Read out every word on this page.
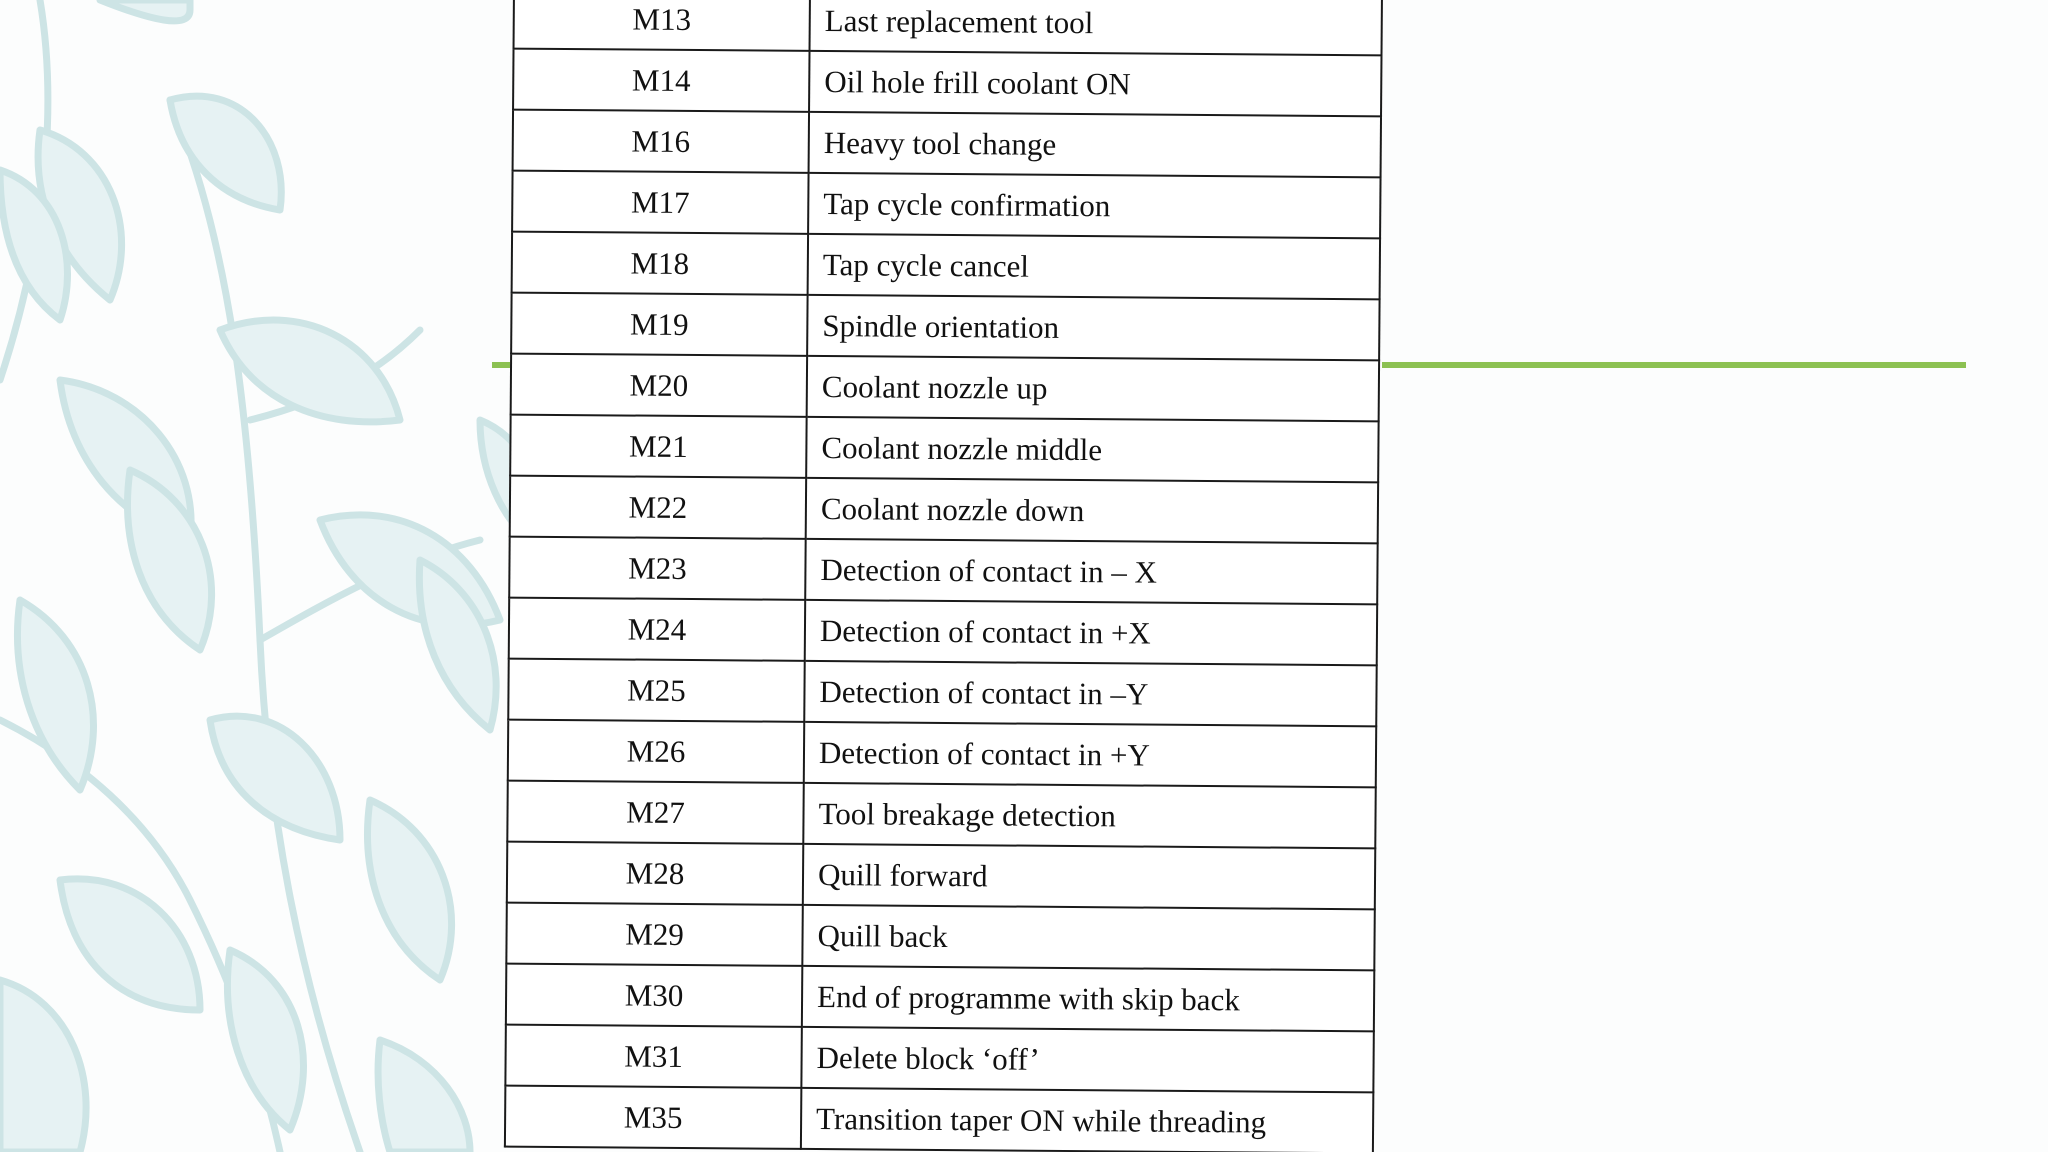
M13	Last replacement tool
M14	Oil hole frill coolant ON
M16	Heavy tool change
M17	Tap cycle confirmation
M18	Tap cycle cancel
M19	Spindle orientation
M20	Coolant nozzle up
M21	Coolant nozzle middle
M22	Coolant nozzle down
M23	Detection of contact in – X
M24	Detection of contact in +X
M25	Detection of contact in –Y
M26	Detection of contact in +Y
M27	Tool breakage detection
M28	Quill forward
M29	Quill back
M30	End of programme with skip back
M31	Delete block ‘off’
M35	Transition taper ON while threading
